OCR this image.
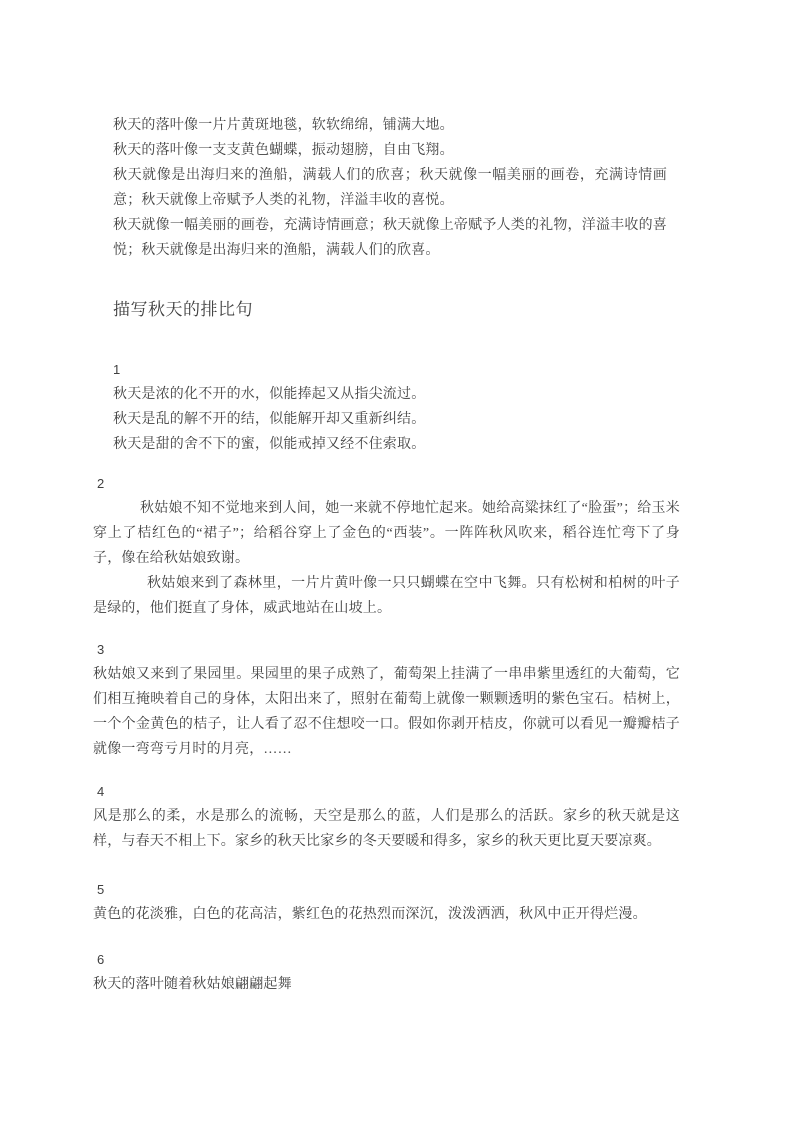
秋天的落叶像一片片黄斑地毯，软软绵绵，铺满大地。

秋天的落叶像一支支黄色蝴蝶，振动翅膀，自由飞翔。

秋天就像是出海归来的渔船，满载人们的欣喜；秋天就像一幅美丽的画卷，充满诗情画意；秋天就像上帝赋予人类的礼物，洋溢丰收的喜悦。

秋天就像一幅美丽的画卷，充满诗情画意；秋天就像上帝赋予人类的礼物，洋溢丰收的喜悦；秋天就像是出海归来的渔船，满载人们的欣喜。

描写秋天的排比句
1

秋天是浓的化不开的水，似能捧起又从指尖流过。

秋天是乱的解不开的结，似能解开却又重新纠结。

秋天是甜的舍不下的蜜，似能戒掉又经不住索取。

2

秋姑娘不知不觉地来到人间，她一来就不停地忙起来。她给高粱抹红了“脸蛋”；给玉米穿上了桔红色的“裙子”；给稻谷穿上了金色的“西装”。一阵阵秋风吹来，稻谷连忙弯下了身子，像在给秋姑娘致谢。

秋姑娘来到了森林里，一片片黄叶像一只只蝴蝶在空中飞舞。只有松树和柏树的叶子是绿的，他们挺直了身体，威武地站在山坡上。

3

秋姑娘又来到了果园里。果园里的果子成熟了，葡萄架上挂满了一串串紫里透红的大葡萄，它们相互掩映着自己的身体，太阳出来了，照射在葡萄上就像一颗颗透明的紫色宝石。桔树上，一个个金黄色的桔子，让人看了忍不住想咬一口。假如你剥开桔皮，你就可以看见一瓣瓣桔子就像一弯弯亏月时的月亮，……

4

风是那么的柔，水是那么的流畅，天空是那么的蓝，人们是那么的活跃。家乡的秋天就是这样，与春天不相上下。家乡的秋天比家乡的冬天要暖和得多，家乡的秋天更比夏天要凉爽。

5

黄色的花淡雅，白色的花高洁，紫红色的花热烈而深沉，泼泼洒洒，秋风中正开得烂漫。

6

秋天的落叶随着秋姑娘翩翩起舞
